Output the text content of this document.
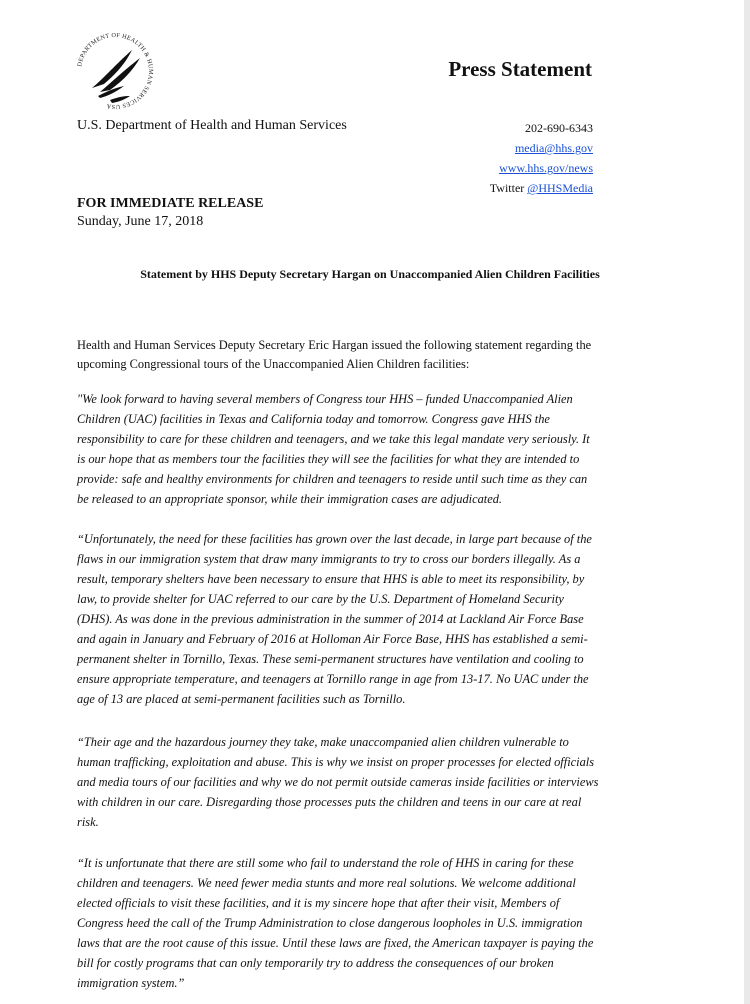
DEPARTMENT OF HEALTH & HUMAN SERVICES USA
Press Statement
U.S. Department of Health and Human Services	202-690-6343
media@hhs.gov
www.hhs.gov/news
Twitter @HHSMedia
FOR IMMEDIATE RELEASE
Sunday, June 17, 2018
Statement by HHS Deputy Secretary Hargan on Unaccompanied Alien Children Facilities
Health and Human Services Deputy Secretary Eric Hargan issued the following statement regarding the upcoming Congressional tours of the Unaccompanied Alien Children facilities:
"We look forward to having several members of Congress tour HHS – funded Unaccompanied Alien Children (UAC) facilities in Texas and California today and tomorrow. Congress gave HHS the responsibility to care for these children and teenagers, and we take this legal mandate very seriously. It is our hope that as members tour the facilities they will see the facilities for what they are intended to provide: safe and healthy environments for children and teenagers to reside until such time as they can be released to an appropriate sponsor, while their immigration cases are adjudicated.
“Unfortunately, the need for these facilities has grown over the last decade, in large part because of the flaws in our immigration system that draw many immigrants to try to cross our borders illegally. As a result, temporary shelters have been necessary to ensure that HHS is able to meet its responsibility, by law, to provide shelter for UAC referred to our care by the U.S. Department of Homeland Security (DHS). As was done in the previous administration in the summer of 2014 at Lackland Air Force Base and again in January and February of 2016 at Holloman Air Force Base, HHS has established a semi-permanent shelter in Tornillo, Texas. These semi-permanent structures have ventilation and cooling to ensure appropriate temperature, and teenagers at Tornillo range in age from 13-17. No UAC under the age of 13 are placed at semi-permanent facilities such as Tornillo.
“Their age and the hazardous journey they take, make unaccompanied alien children vulnerable to human trafficking, exploitation and abuse. This is why we insist on proper processes for elected officials and media tours of our facilities and why we do not permit outside cameras inside facilities or interviews with children in our care. Disregarding those processes puts the children and teens in our care at real risk.
“It is unfortunate that there are still some who fail to understand the role of HHS in caring for these children and teenagers. We need fewer media stunts and more real solutions. We welcome additional elected officials to visit these facilities, and it is my sincere hope that after their visit, Members of Congress heed the call of the Trump Administration to close dangerous loopholes in U.S. immigration laws that are the root cause of this issue. Until these laws are fixed, the American taxpayer is paying the bill for costly programs that can only temporarily try to address the consequences of our broken immigration system.”
